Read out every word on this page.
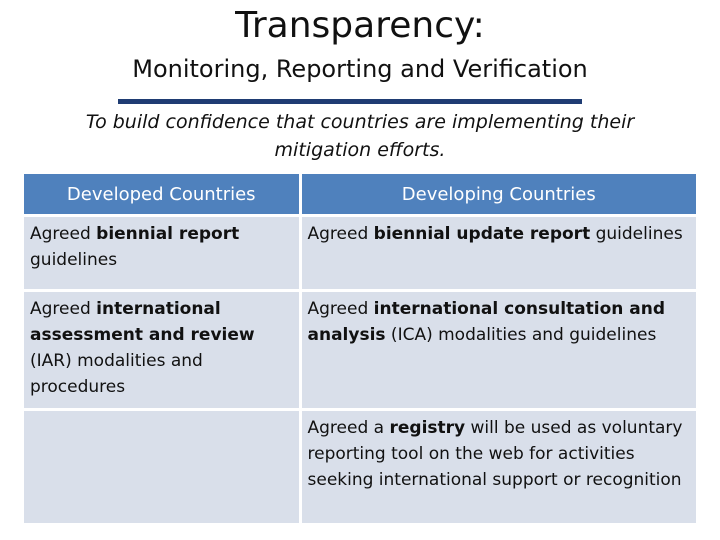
Transparency:
Monitoring, Reporting and Verification
To build confidence that countries are implementing their mitigation efforts.
Developed Countries	Developing Countries
Agreed biennial report guidelines	Agreed biennial update report guidelines
Agreed international assessment and review (IAR) modalities and procedures	Agreed international consultation and analysis (ICA) modalities and guidelines
	Agreed a registry will be used as voluntary reporting tool on the web for activities seeking international support or recognition
